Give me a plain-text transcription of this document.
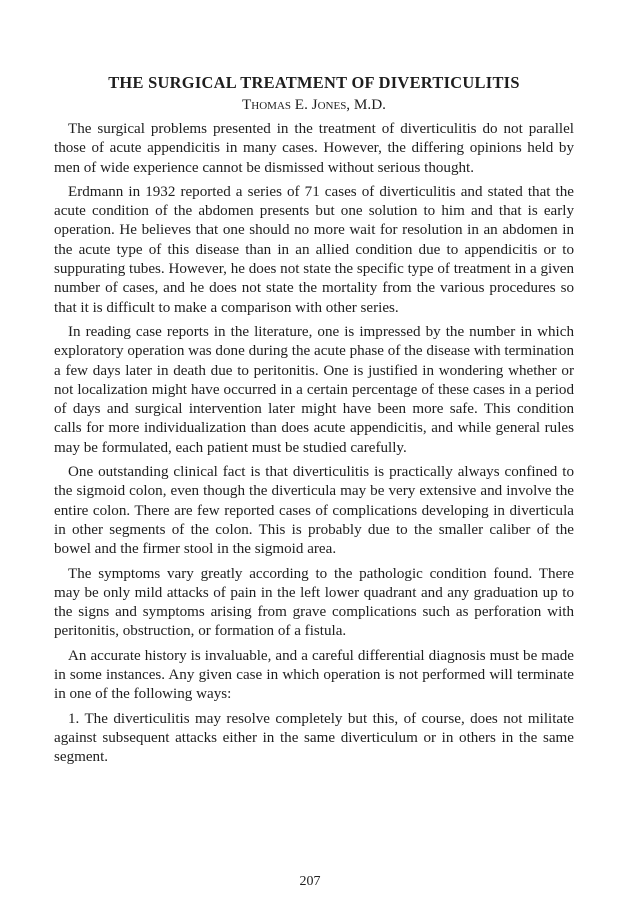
THE SURGICAL TREATMENT OF DIVERTICULITIS
Thomas E. Jones, M.D.

The surgical problems presented in the treatment of diverticulitis do not parallel those of acute appendicitis in many cases. However, the differing opinions held by men of wide experience cannot be dismissed without serious thought.

Erdmann in 1932 reported a series of 71 cases of diverticulitis and stated that the acute condition of the abdomen presents but one solution to him and that is early operation. He believes that one should no more wait for resolution in an abdomen in the acute type of this disease than in an allied condition due to appendicitis or to suppurating tubes. However, he does not state the specific type of treatment in a given number of cases, and he does not state the mortality from the various procedures so that it is difficult to make a comparison with other series.

In reading case reports in the literature, one is impressed by the number in which exploratory operation was done during the acute phase of the disease with termination a few days later in death due to peritonitis. One is justified in wondering whether or not localization might have occurred in a certain percentage of these cases in a period of days and surgical intervention later might have been more safe. This condition calls for more individualization than does acute appendicitis, and while general rules may be formulated, each patient must be studied carefully.

One outstanding clinical fact is that diverticulitis is practically always confined to the sigmoid colon, even though the diverticula may be very extensive and involve the entire colon. There are few reported cases of complications developing in diverticula in other segments of the colon. This is probably due to the smaller caliber of the bowel and the firmer stool in the sigmoid area.

The symptoms vary greatly according to the pathologic condition found. There may be only mild attacks of pain in the left lower quadrant and any graduation up to the signs and symptoms arising from grave complications such as perforation with peritonitis, obstruction, or formation of a fistula.

An accurate history is invaluable, and a careful differential diagnosis must be made in some instances. Any given case in which operation is not performed will terminate in one of the following ways:

1. The diverticulitis may resolve completely but this, of course, does not militate against subsequent attacks either in the same diverticulum or in others in the same segment.

207
